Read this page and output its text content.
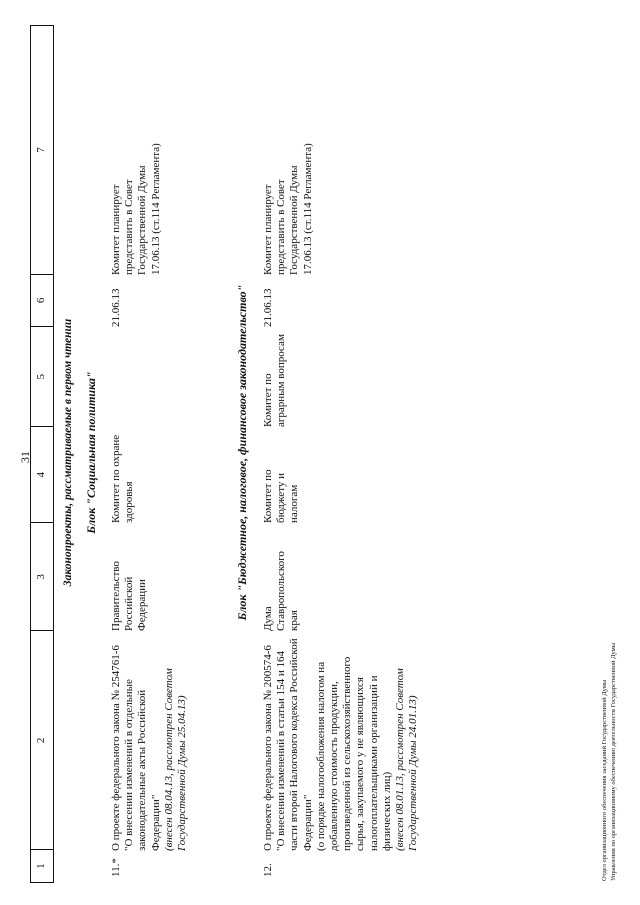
31
1
2
3
4
5
6
7
Законопроекты, рассматриваемые в первом чтении Блок "Социальная политика"
11.*
О проекте федерального закона № 254761-6 "О внесении изменений в отдельные законодательные акты Российской Федерации" (внесен 08.04.13, рассмотрен Советом Государственной Думы 25.04.13)
Правительство Российской Федерации
Комитет по охране здоровья
21.06.13
Комитет планирует представить в Совет Государственной Думы 17.06.13 (ст.114 Регламента)
Блок "Бюджетное, налоговое, финансовое законодательство"
12.
О проекте федерального закона № 200574-6 "О внесении изменений в статьи 154 и 164 части второй Налогового кодекса Российской Федерации" (о порядке налогообложения налогом на добавленную стоимость продукции, произведенной из сельскохозяйственного сырья, закупаемого у не являющихся налогоплательщиками организаций и физических лиц) (внесен 08.01.13, рассмотрен Советом Государственной Думы 24.01.13)
Дума Ставропольского края
Комитет по бюджету и налогам
Комитет по аграрным вопросам
21.06.13
Комитет планирует представить в Совет Государственной Думы 17.06.13 (ст.114 Регламента)
Отдел организационного обеспечения заседаний Государственной Думы Управления по организационному обеспечению деятельности Государственной Думы
